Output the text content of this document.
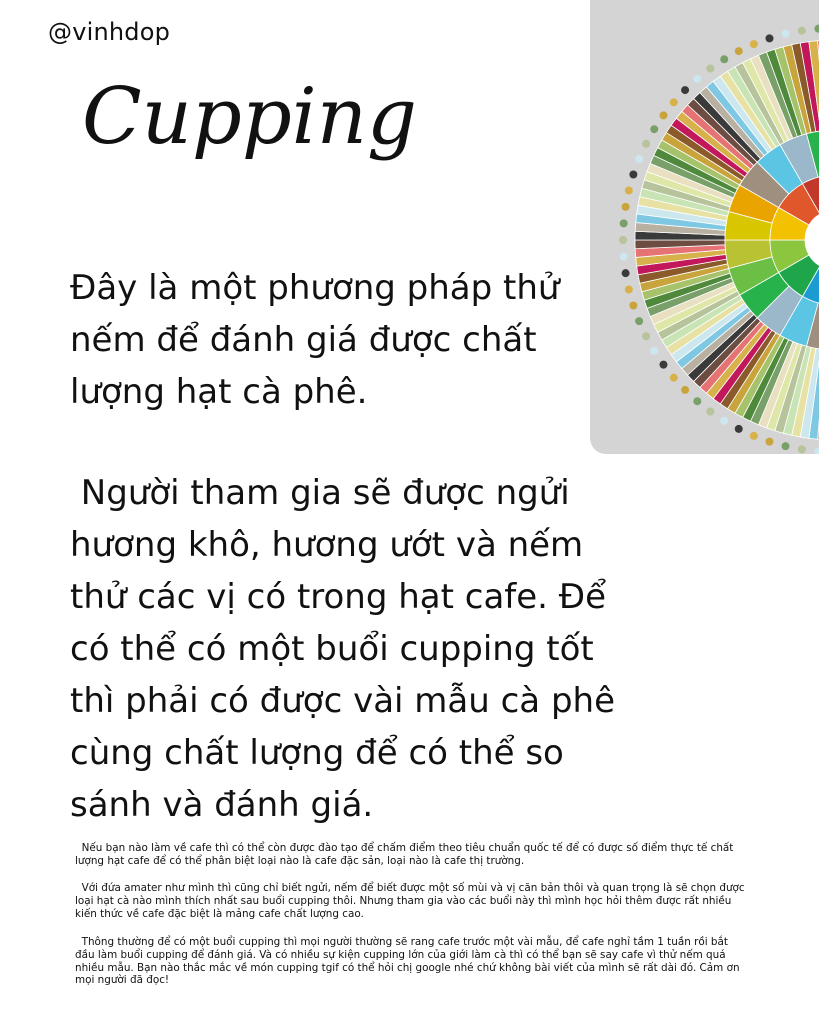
@vinhdop
Cupping

Đây là một phương pháp thử nếm để đánh giá được chất lượng hạt cà phê.

Người tham gia sẽ được ngửi hương khô, hương ướt và nếm thử các vị có trong hạt cafe. Để có thể có một buổi cupping tốt thì phải có được vài mẫu cà phê cùng chất lượng để có thể so sánh và đánh giá.

Nếu bạn nào làm về cafe thì có thể còn được đào tạo để chấm điểm theo tiêu chuẩn quốc tế để có được số điểm thực tế chất lượng hạt cafe để có thể phân biệt loại nào là cafe đặc sản, loại nào là cafe thị trường.

Với đứa amater như mình thì cũng chỉ biết ngửi, nếm để biết được một số mùi và vị căn bản thôi và quan trọng là sẽ chọn được loại hạt cà nào mình thích nhất sau buổi cupping thôi. Nhưng tham gia vào các buổi này thì mình học hỏi thêm được rất nhiều kiến thức về cafe đặc biệt là mảng cafe chất lượng cao.

Thông thường để có một buổi cupping thì mọi người thường sẽ rang cafe trước một vài mẫu, để cafe nghỉ tầm 1 tuần rồi bắt đầu làm buổi cupping để đánh giá. Và có nhiều sự kiện cupping lớn của giới làm cà thì có thể bạn sẽ say cafe vì thử nếm quá nhiều mẫu. Bạn nào thắc mắc về món cupping tgif có thể hỏi chị google nhé chứ không bài viết của mình sẽ rất dài đó. Cảm ơn mọi người đã đọc!
